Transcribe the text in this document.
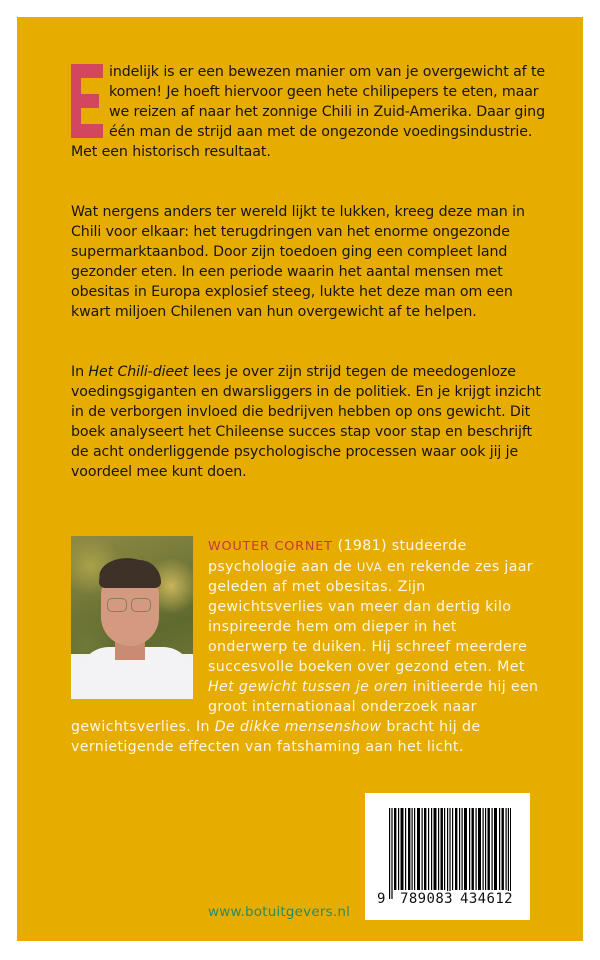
indelijk is er een bewezen manier om van je overgewicht af te komen! Je hoeft hiervoor geen hete chilipepers te eten, maar we reizen af naar het zonnige Chili in Zuid-Amerika. Daar ging één man de strijd aan met de ongezonde voedingsindustrie. Met een historisch resultaat.

Wat nergens anders ter wereld lijkt te lukken, kreeg deze man in Chili voor elkaar: het terugdringen van het enorme ongezonde supermarktaanbod. Door zijn toedoen ging een compleet land gezonder eten. In een periode waarin het aantal mensen met obesitas in Europa explosief steeg, lukte het deze man om een kwart miljoen Chilenen van hun overgewicht af te helpen.

In Het Chili-dieet lees je over zijn strijd tegen de meedogenloze voedingsgiganten en dwarsliggers in de politiek. En je krijgt inzicht in de verborgen invloed die bedrijven hebben op ons gewicht. Dit boek analyseert het Chileense succes stap voor stap en beschrijft de acht onderliggende psychologische processen waar ook jij je voordeel mee kunt doen.

WOUTER CORNET (1981) studeerde psychologie aan de UVA en rekende zes jaar geleden af met obesitas. Zijn gewichtsverlies van meer dan dertig kilo inspireerde hem om dieper in het onderwerp te duiken. Hij schreef meerdere succesvolle boeken over gezond eten. Met Het gewicht tussen je oren initieerde hij een groot internationaal onderzoek naar gewichtsverlies. In De dikke mensenshow bracht hij de vernietigende effecten van fatshaming aan het licht.

www.botuitgevers.nl
9 789083 434612
